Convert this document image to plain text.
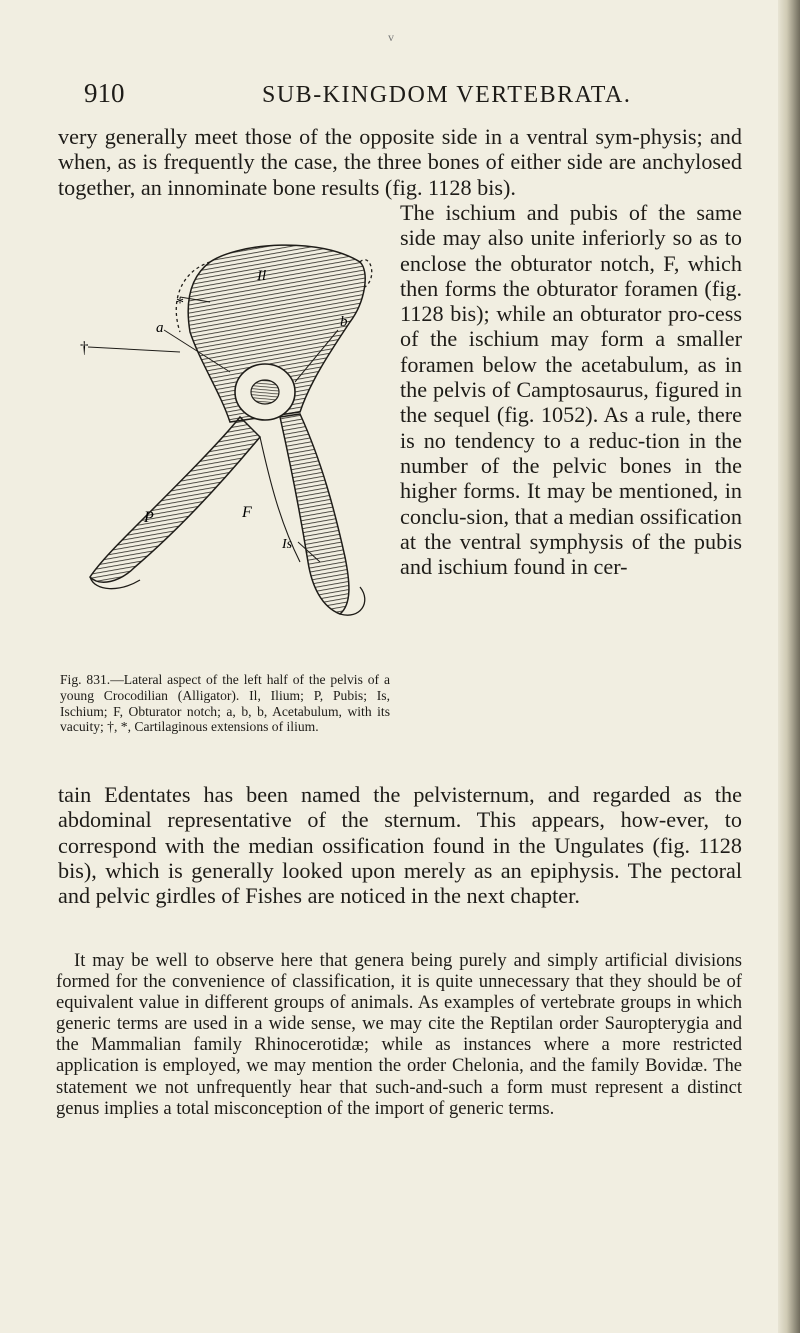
v
910	SUB-KINGDOM VERTEBRATA.

very generally meet those of the opposite side in a ventral sym-physis; and when, as is frequently the case, the three bones of either side are anchylosed together, an innominate bone results (fig. 1128 bis).

Il
*
a
†
b
P	F
Is

Fig. 831.—Lateral aspect of the left half of the pelvis of a young Crocodilian (Alligator). Il, Ilium; P, Pubis; Is, Ischium; F, Obturator notch; a, b, b, Acetabulum, with its vacuity; †, *, Cartilaginous extensions of ilium.

The ischium and pubis of the same side may also unite inferiorly so as to enclose the obturator notch, F, which then forms the obturator foramen (fig. 1128 bis); while an obturator pro-cess of the ischium may form a smaller foramen below the acetabulum, as in the pelvis of Camptosaurus, figured in the sequel (fig. 1052). As a rule, there is no tendency to a reduc-tion in the number of the pelvic bones in the higher forms. It may be mentioned, in conclu-sion, that a median ossification at the ventral symphysis of the pubis and ischium found in cer-

tain Edentates has been named the pelvisternum, and regarded as the abdominal representative of the sternum. This appears, how-ever, to correspond with the median ossification found in the Ungulates (fig. 1128 bis), which is generally looked upon merely as an epiphysis. The pectoral and pelvic girdles of Fishes are noticed in the next chapter.

It may be well to observe here that genera being purely and simply artificial divisions formed for the convenience of classification, it is quite unnecessary that they should be of equivalent value in different groups of animals. As examples of vertebrate groups in which generic terms are used in a wide sense, we may cite the Reptilan order Sauropterygia and the Mammalian family Rhinocerotidæ; while as instances where a more restricted application is employed, we may mention the order Chelonia, and the family Bovidæ. The statement we not unfrequently hear that such-and-such a form must represent a distinct genus implies a total misconception of the import of generic terms.
